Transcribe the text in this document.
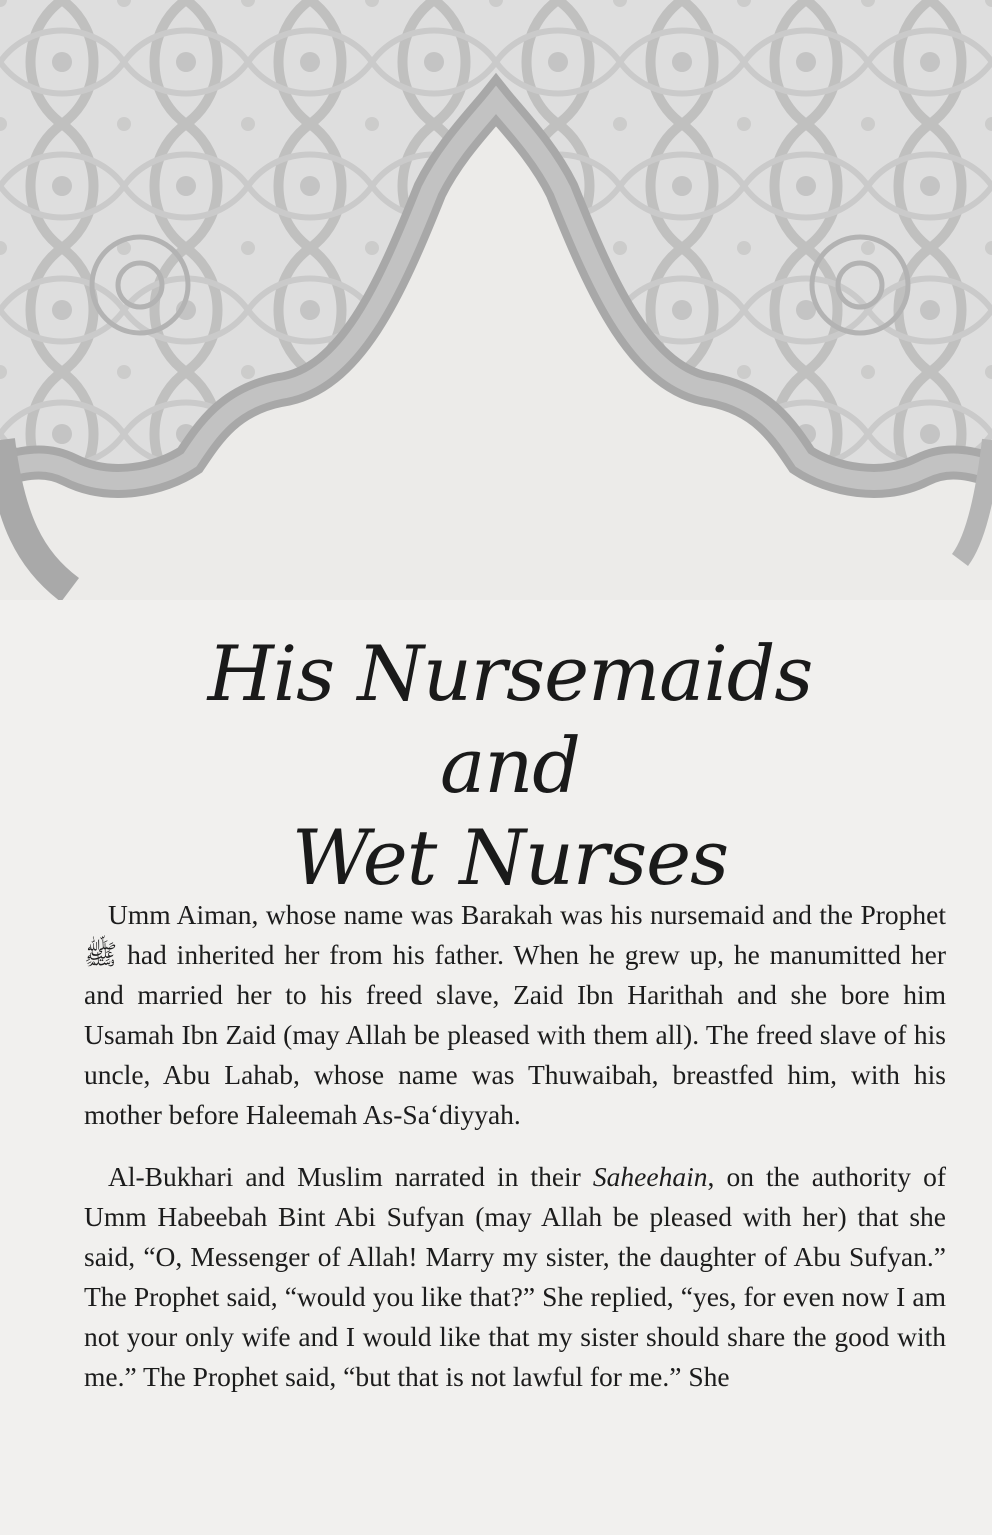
His Nursemaids and
Wet Nurses

Umm Aiman, whose name was Barakah was his nursemaid and the Prophet ﷺ had inherited her from his father. When he grew up, he manumitted her and married her to his freed slave, Zaid Ibn Harithah and she bore him Usamah Ibn Zaid (may Allah be pleased with them all). The freed slave of his uncle, Abu Lahab, whose name was Thuwaibah, breastfed him, with his mother before Haleemah As-Sa‘diyyah.

Al-Bukhari and Muslim narrated in their Saheehain, on the authority of Umm Habeebah Bint Abi Sufyan (may Allah be pleased with her) that she said, “O, Messenger of Allah! Marry my sister, the daughter of Abu Sufyan.” The Prophet said, “would you like that?” She replied, “yes, for even now I am not your only wife and I would like that my sister should share the good with me.” The Prophet said, “but that is not lawful for me.” She
